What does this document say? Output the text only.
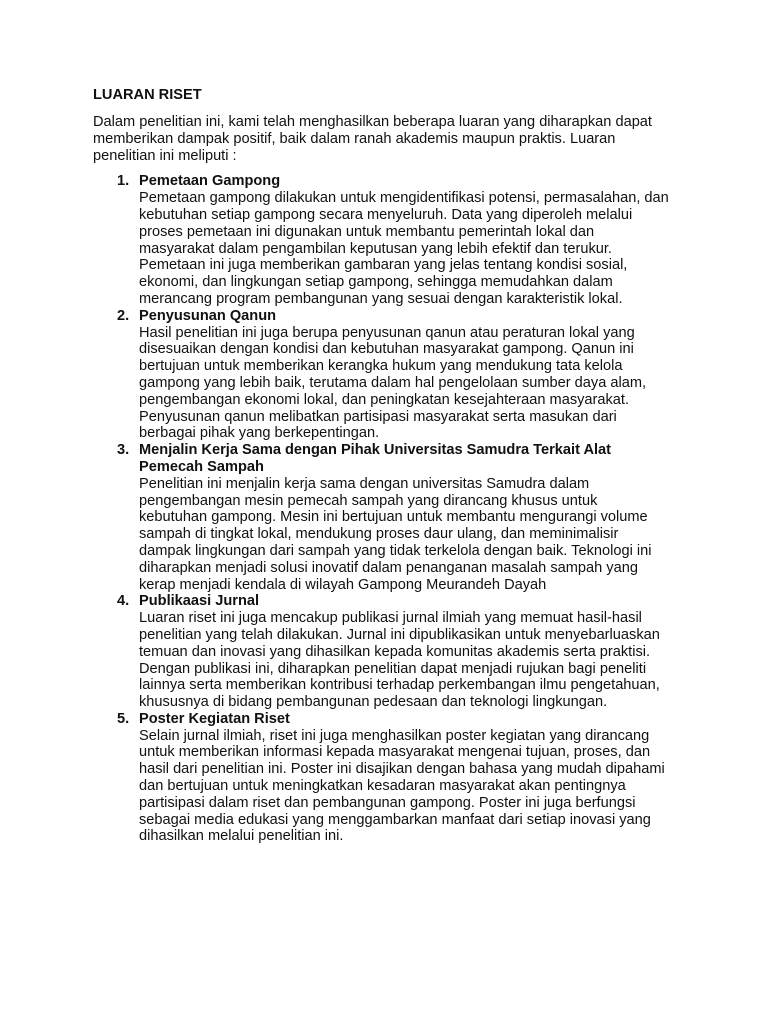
LUARAN RISET

Dalam penelitian ini, kami telah menghasilkan beberapa luaran yang diharapkan dapat memberikan dampak positif, baik dalam ranah akademis maupun praktis. Luaran penelitian ini meliputi :

1. Pemetaan Gampong
Pemetaan gampong dilakukan untuk mengidentifikasi potensi, permasalahan, dan kebutuhan setiap gampong secara menyeluruh. Data yang diperoleh melalui proses pemetaan ini digunakan untuk membantu pemerintah lokal dan masyarakat dalam pengambilan keputusan yang lebih efektif dan terukur. Pemetaan ini juga memberikan gambaran yang jelas tentang kondisi sosial, ekonomi, dan lingkungan setiap gampong, sehingga memudahkan dalam merancang program pembangunan yang sesuai dengan karakteristik lokal.
2. Penyusunan Qanun
Hasil penelitian ini juga berupa penyusunan qanun atau peraturan lokal yang disesuaikan dengan kondisi dan kebutuhan masyarakat gampong. Qanun ini bertujuan untuk memberikan kerangka hukum yang mendukung tata kelola gampong yang lebih baik, terutama dalam hal pengelolaan sumber daya alam, pengembangan ekonomi lokal, dan peningkatan kesejahteraan masyarakat. Penyusunan qanun melibatkan partisipasi masyarakat serta masukan dari berbagai pihak yang berkepentingan.
3. Menjalin Kerja Sama dengan Pihak Universitas Samudra Terkait Alat Pemecah Sampah
Penelitian ini menjalin kerja sama dengan universitas Samudra dalam pengembangan mesin pemecah sampah yang dirancang khusus untuk kebutuhan gampong. Mesin ini bertujuan untuk membantu mengurangi volume sampah di tingkat lokal, mendukung proses daur ulang, dan meminimalisir dampak lingkungan dari sampah yang tidak terkelola dengan baik. Teknologi ini diharapkan menjadi solusi inovatif dalam penanganan masalah sampah yang kerap menjadi kendala di wilayah Gampong Meurandeh Dayah
4. Publikaasi Jurnal
Luaran riset ini juga mencakup publikasi jurnal ilmiah yang memuat hasil-hasil penelitian yang telah dilakukan. Jurnal ini dipublikasikan untuk menyebarluaskan temuan dan inovasi yang dihasilkan kepada komunitas akademis serta praktisi. Dengan publikasi ini, diharapkan penelitian dapat menjadi rujukan bagi peneliti lainnya serta memberikan kontribusi terhadap perkembangan ilmu pengetahuan, khususnya di bidang pembangunan pedesaan dan teknologi lingkungan.
5. Poster Kegiatan Riset
Selain jurnal ilmiah, riset ini juga menghasilkan poster kegiatan yang dirancang untuk memberikan informasi kepada masyarakat mengenai tujuan, proses, dan hasil dari penelitian ini. Poster ini disajikan dengan bahasa yang mudah dipahami dan bertujuan untuk meningkatkan kesadaran masyarakat akan pentingnya partisipasi dalam riset dan pembangunan gampong. Poster ini juga berfungsi sebagai media edukasi yang menggambarkan manfaat dari setiap inovasi yang dihasilkan melalui penelitian ini.
